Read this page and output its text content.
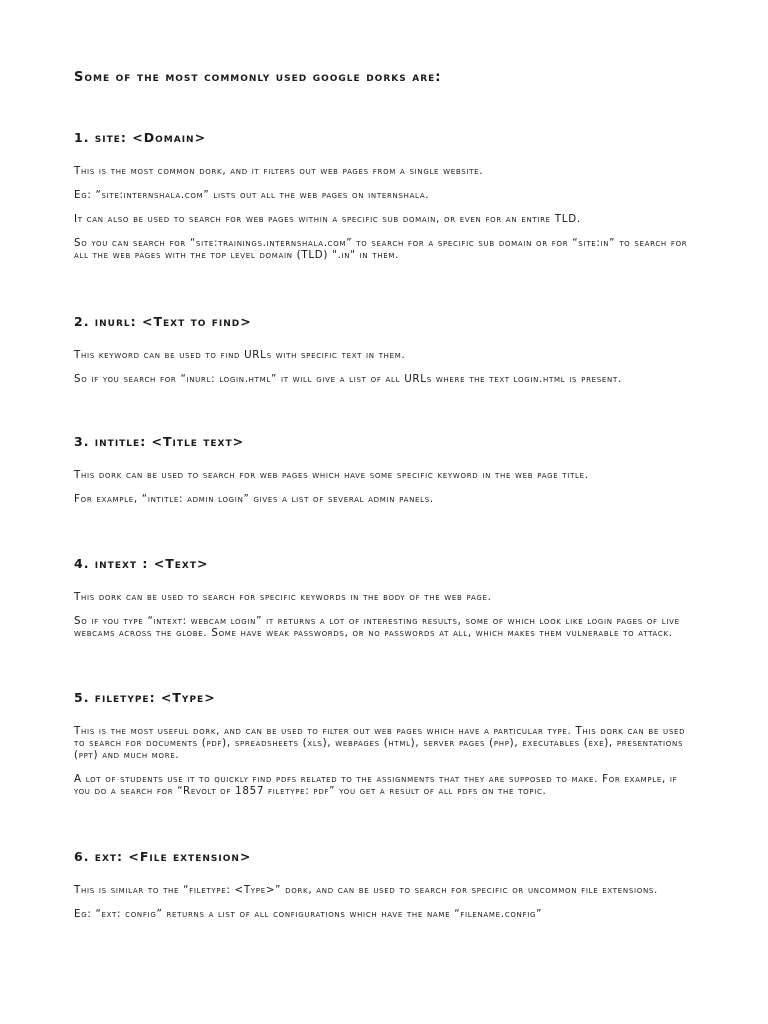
Some of the most commonly used google dorks are:
1. site: <Domain>

This is the most common dork, and it filters out web pages from a single website.

Eg: “site:internshala.com” lists out all the web pages on internshala.

It can also be used to search for web pages within a specific sub domain, or even for an entire TLD.

So you can search for “site:trainings.internshala.com” to search for a specific sub domain or for “site:in” to search for all the web pages with the top level domain (TLD) ".in" in them.

2. inurl: <Text to find>

This keyword can be used to find URLs with specific text in them.

So if you search for “inurl: login.html” it will give a list of all URLs where the text login.html is present.

3. intitle: <Title text>

This dork can be used to search for web pages which have some specific keyword in the web page title.

For example, “intitle: admin login” gives a list of several admin panels.

4. intext : <Text>

This dork can be used to search for specific keywords in the body of the web page.

So if you type “intext: webcam login” it returns a lot of interesting results, some of which look like login pages of live webcams across the globe. Some have weak passwords, or no passwords at all, which makes them vulnerable to attack.

5. filetype: <Type>

This is the most useful dork, and can be used to filter out web pages which have a particular type. This dork can be used to search for documents (pdf), spreadsheets (xls), webpages (html), server pages (php), executables (exe), presentations (ppt) and much more.

A lot of students use it to quickly find pdfs related to the assignments that they are supposed to make. For example, if you do a search for “Revolt of 1857 filetype: pdf” you get a result of all pdfs on the topic.

6. ext: <File extension>

This is similar to the “filetype: <Type>” dork, and can be used to search for specific or uncommon file extensions.

Eg: “ext: config” returns a list of all configurations which have the name “filename.config”
